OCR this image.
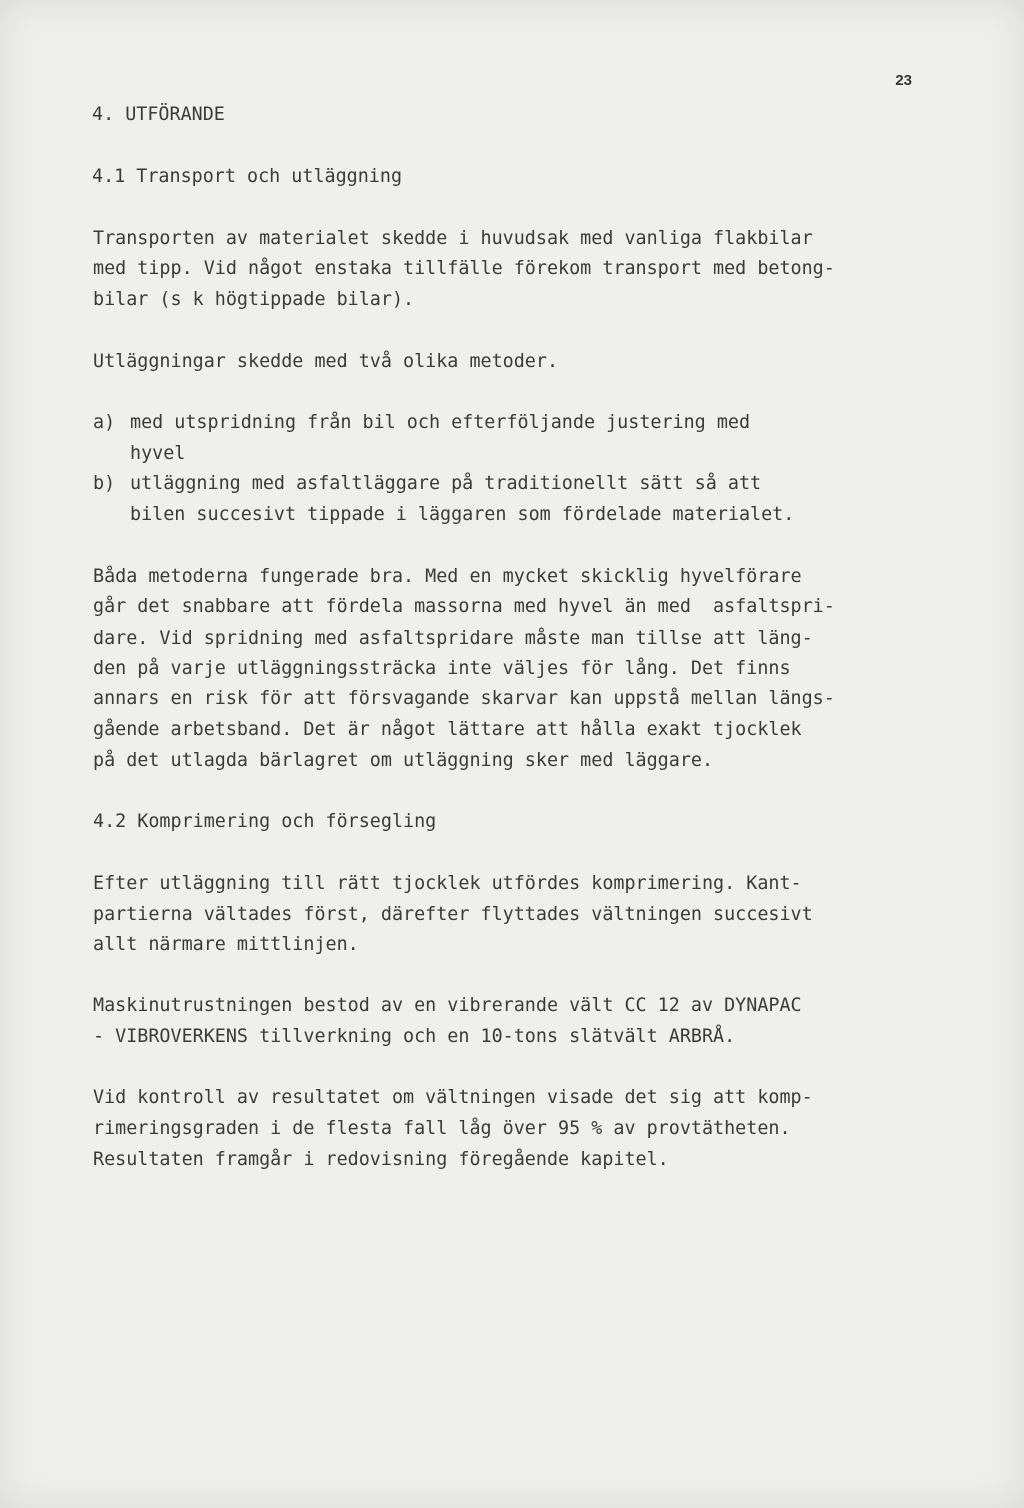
23
4. UTFÖRANDE
4.1 Transport och utläggning
Transporten av materialet skedde i huvudsak med vanliga flakbilar
med tipp. Vid något enstaka tillfälle förekom transport med betong-
bilar (s k högtippade bilar).
Utläggningar skedde med två olika metoder.
a) med utspridning från bil och efterföljande justering med
hyvel
b) utläggning med asfaltläggare på traditionellt sätt så att
bilen succesivt tippade i läggaren som fördelade materialet.
Båda metoderna fungerade bra. Med en mycket skicklig hyvelförare
går det snabbare att fördela massorna med hyvel än med  asfaltspri-
dare. Vid spridning med asfaltspridare måste man tillse att läng-
den på varje utläggningssträcka inte väljes för lång. Det finns
annars en risk för att försvagande skarvar kan uppstå mellan längs-
gående arbetsband. Det är något lättare att hålla exakt tjocklek
på det utlagda bärlagret om utläggning sker med läggare.
4.2 Komprimering och försegling
Efter utläggning till rätt tjocklek utfördes komprimering. Kant-
partierna vältades först, därefter flyttades vältningen succesivt
allt närmare mittlinjen.
Maskinutrustningen bestod av en vibrerande vält CC 12 av DYNAPAC
- VIBROVERKENS tillverkning och en 10-tons slätvält ARBRÅ.
Vid kontroll av resultatet om vältningen visade det sig att komp-
rimeringsgraden i de flesta fall låg över 95 % av provtätheten.
Resultaten framgår i redovisning föregående kapitel.
